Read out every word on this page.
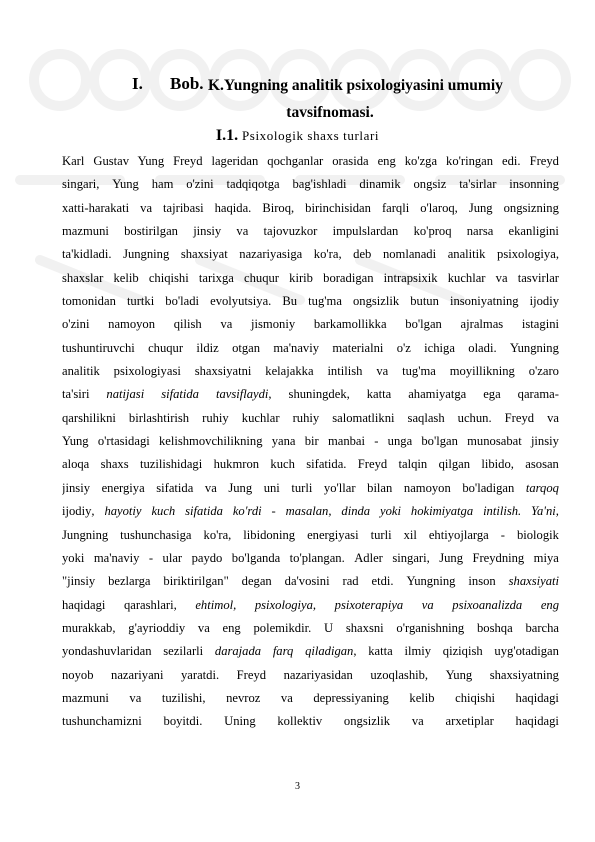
I. Bob. K.Yungning analitik psixologiyasini umumiy
tavsifnomasi.
I.1. Psixologik shaxs turlari
Karl Gustav Yung Freyd lageridan qochganlar orasida eng ko'zga ko'ringan edi. Freyd
singari, Yung ham o'zini tadqiqotga bag'ishladi dinamik ongsiz ta'sirlar insonning
xatti-harakati va tajribasi haqida. Biroq, birinchisidan farqli o'laroq, Jung ongsizning
mazmuni bostirilgan jinsiy va tajovuzkor impulslardan ko'proq narsa ekanligini
ta'kidladi. Jungning shaxsiyat nazariyasiga ko'ra, deb nomlanadi analitik psixologiya,
shaxslar kelib chiqishi tarixga chuqur kirib boradigan intrapsixik kuchlar va tasvirlar
tomonidan turtki bo'ladi evolyutsiya. Bu tug'ma ongsizlik butun insoniyatning ijodiy
o'zini namoyon qilish va jismoniy barkamollikka bo'lgan ajralmas istagini
tushuntiruvchi chuqur ildiz otgan ma'naviy materialni o'z ichiga oladi. Yungning
analitik psixologiyasi shaxsiyatni kelajakka intilish va tug'ma moyillikning o'zaro
ta'siri natijasi sifatida tavsiflaydi, shuningdek, katta ahamiyatga ega qarama-
qarshilikni birlashtirish ruhiy kuchlar ruhiy salomatlikni saqlash uchun. Freyd va
Yung o'rtasidagi kelishmovchilikning yana bir manbai - unga bo'lgan munosabat jinsiy
aloqa shaxs tuzilishidagi hukmron kuch sifatida. Freyd talqin qilgan libido, asosan
jinsiy energiya sifatida va Jung uni turli yo'llar bilan namoyon bo'ladigan tarqoq
ijodiy, hayotiy kuch sifatida ko'rdi - masalan, dinda yoki hokimiyatga intilish. Ya'ni,
Jungning tushunchasiga ko'ra, libidoning energiyasi turli xil ehtiyojlarga - biologik
yoki ma'naviy - ular paydo bo'lganda to'plangan. Adler singari, Jung Freydning miya
"jinsiy bezlarga biriktirilgan" degan da'vosini rad etdi. Yungning inson shaxsiyati
haqidagi qarashlari, ehtimol, psixologiya, psixoterapiya va psixoanalizda eng
murakkab, g'ayrioddiy va eng polemikdir. U shaxsni o'rganishning boshqa barcha
yondashuvlaridan sezilarli darajada farq qiladigan, katta ilmiy qiziqish uyg'otadigan
noyob nazariyani yaratdi. Freyd nazariyasidan uzoqlashib, Yung shaxsiyatning
mazmuni va tuzilishi, nevroz va depressiyaning kelib chiqishi haqidagi
tushunchamizni boyitdi. Uning kollektiv ongsizlik va arxetiplar haqidagi
3
